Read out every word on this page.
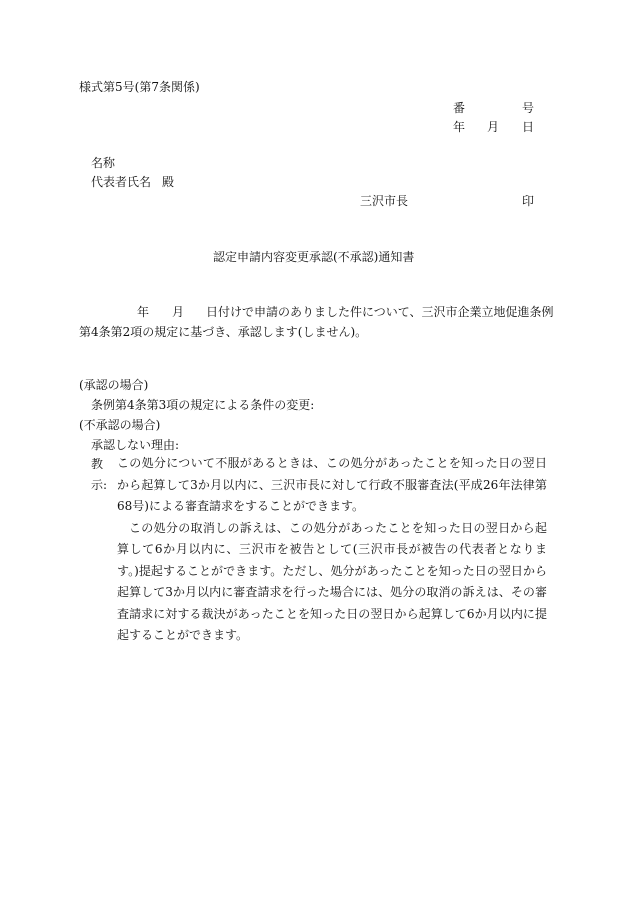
様式第5号(第7条関係)
番	号
年 月 日
名称
代表者氏名 殿
三沢市長	印
認定申請内容変更承認(不承認)通知書
年 月 日付けで申請のありました件について、三沢市企業立地促進条例
第4条第2項の規定に基づき、承認します(しません)。
(承認の場合)
条例第4条第3項の規定による条件の変更:
(不承認の場合)
承認しない理由:
教示:

この処分について不服があるときは、この処分があったことを知った日の翌日から起算して3か月以内に、三沢市長に対して行政不服審査法(平成26年法律第68号)による審査請求をすることができます。

この処分の取消しの訴えは、この処分があったことを知った日の翌日から起算して6か月以内に、三沢市を被告として(三沢市長が被告の代表者となります。)提起することができます。ただし、処分があったことを知った日の翌日から起算して3か月以内に審査請求を行った場合には、処分の取消の訴えは、その審査請求に対する裁決があったことを知った日の翌日から起算して6か月以内に提起することができます。
